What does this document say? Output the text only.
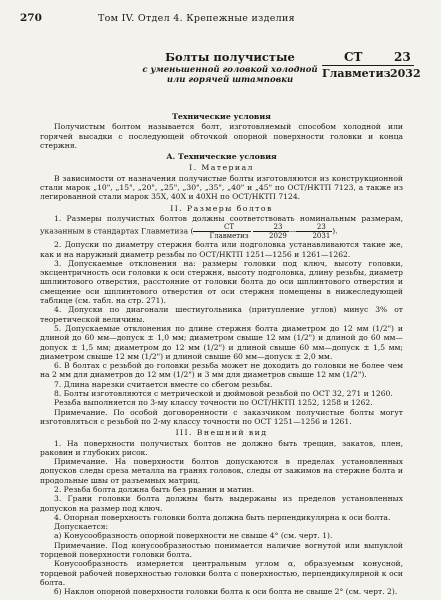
270	Том IV. Отдел 4. Крепежные изделия
Болты получистые
с уменьшенной головкой холодной
или горячей штамповки
СТ	23
Главметиз 2032
Технические условия

Получистым болтом называется болт, изготовляемый способом холодной или горячей высадки с последующей обточкой опорной поверхности головки и конца стержня.

А. Технические условия
I. Материал

В зависимости от назначения получистые болты изготовляются из конструкционной стали марок „10", „15", „20", „25", „30", „35", „40" и „45" по ОСТ/НКТП 7123, а также из легированной стали марок 35Х, 40Х и 40ХН по ОСТ/НКТП 7124.

II. Размеры болтов

1. Размеры получистых болтов должны соответствовать номинальным размерам, указанным в стандартах Главметиза ( $\frac{СТ}{\text{Главметиз}}$
$\frac{23}{2029}$ — $\frac{23}{2031}$ ).

2. Допуски по диаметру стержня болта или подголовка устанавливаются такие же, как и на наружный диаметр резьбы по ОСТ/НКТП 1251—1256 и 1261—1262.

3. Допускаемые отклонения на: размеры головки под ключ, высоту головки, эксцентричность оси головки к оси стержня, высоту подголовка, длину резьбы, диаметр шплинтового отверстия, расстояние от головки болта до оси шплинтового отверстия и смещение оси шплинтового отверстия от оси стержня помещены в нижеследующей таблице (см. табл. на стр. 271).

4. Допуски по диагонали шестиугольника (притупление углов) минус 3% от теоретической величины.

5. Допускаемые отклонения по длине стержня болта диаметром до 12 мм (1/2") и длиной до 60 мм—допуск ± 1,0 мм; диаметром свыше 12 мм (1/2") и длиной до 60 мм—допуск ± 1,5 мм; диаметром до 12 мм (1/2") и длиной свыше 60 мм—допуск ± 1,5 мм; диаметром свыше 12 мм (1/2") и длиной свыше 60 мм—допуск ± 2,0 мм.

6. В болтах с резьбой до головки резьба может не доходить до головки не более чем на 2 мм для диаметров до 12 мм (1/2") и 3 мм для диаметров свыше 12 мм (1/2").

7. Длина нарезки считается вместе со сбегом резьбы.

8. Болты изготовляются с метрической и дюймовой резьбой по ОСТ 32, 271 и 1260.

Резьба выполняется по 3-му классу точности по ОСТ/НКТП 1252, 1258 и 1262.

Примечание. По особой договоренности с заказчиком получистые болты могут изготовляться с резьбой по 2-му классу точности по ОСТ 1251—1256 и 1261.

III. Внешний вид

1. На поверхности получистых болтов не должно быть трещин, закатов, плен, раковин и глубоких рисок.

Примечание. На поверхности болтов допускаются в пределах установленных допусков следы среза металла на гранях головок, следы от зажимов на стержне болта и продольные швы от разъемных матриц.

2. Резьба болта должна быть без рванин и матин.

3. Грани головки болта должны быть выдержаны из пределов установленных допусков на размер под ключ.

4. Опорная поверхность головки болта должна быть перпендикулярна к оси болта.

Допускается:

а) Конусообразность опорной поверхности не свыше 4° (см. черт. 1).

Примечание. Под конусообразностью понимается наличие вогнутой или выпуклой торцевой поверхности головки болта.

Конусообразность измеряется центральным углом α, образуемым конусной, торцевой рабочей поверхностью головки болта с поверхностью, перпендикулярной к оси болта.

б) Наклон опорной поверхности головки болта к оси болта не свыше 2° (см. черт. 2).
